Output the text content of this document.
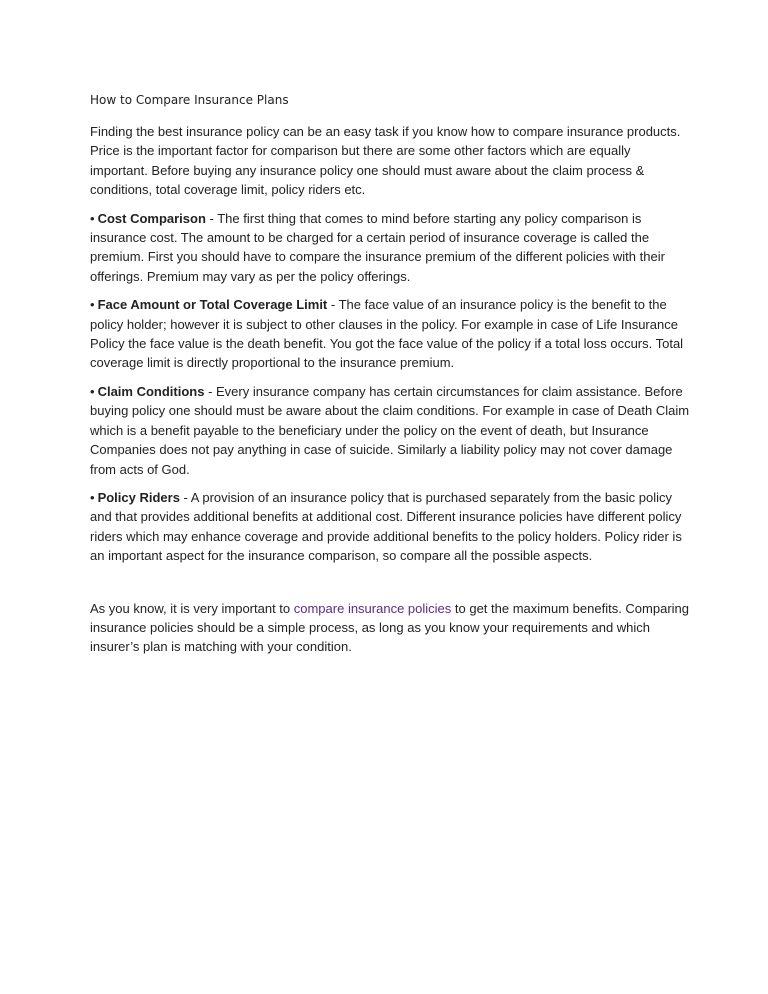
How to Compare Insurance Plans

Finding the best insurance policy can be an easy task if you know how to compare insurance products. Price is the important factor for comparison but there are some other factors which are equally important. Before buying any insurance policy one should must aware about the claim process & conditions, total coverage limit, policy riders etc.

• Cost Comparison - The first thing that comes to mind before starting any policy comparison is insurance cost. The amount to be charged for a certain period of insurance coverage is called the premium. First you should have to compare the insurance premium of the different policies with their offerings. Premium may vary as per the policy offerings.

• Face Amount or Total Coverage Limit - The face value of an insurance policy is the benefit to the policy holder; however it is subject to other clauses in the policy. For example in case of Life Insurance Policy the face value is the death benefit. You got the face value of the policy if a total loss occurs. Total coverage limit is directly proportional to the insurance premium.

• Claim Conditions - Every insurance company has certain circumstances for claim assistance. Before buying policy one should must be aware about the claim conditions. For example in case of Death Claim which is a benefit payable to the beneficiary under the policy on the event of death, but Insurance Companies does not pay anything in case of suicide. Similarly a liability policy may not cover damage from acts of God.

• Policy Riders - A provision of an insurance policy that is purchased separately from the basic policy and that provides additional benefits at additional cost. Different insurance policies have different policy riders which may enhance coverage and provide additional benefits to the policy holders. Policy rider is an important aspect for the insurance comparison, so compare all the possible aspects.

As you know, it is very important to compare insurance policies to get the maximum benefits. Comparing insurance policies should be a simple process, as long as you know your requirements and which insurer’s plan is matching with your condition.
